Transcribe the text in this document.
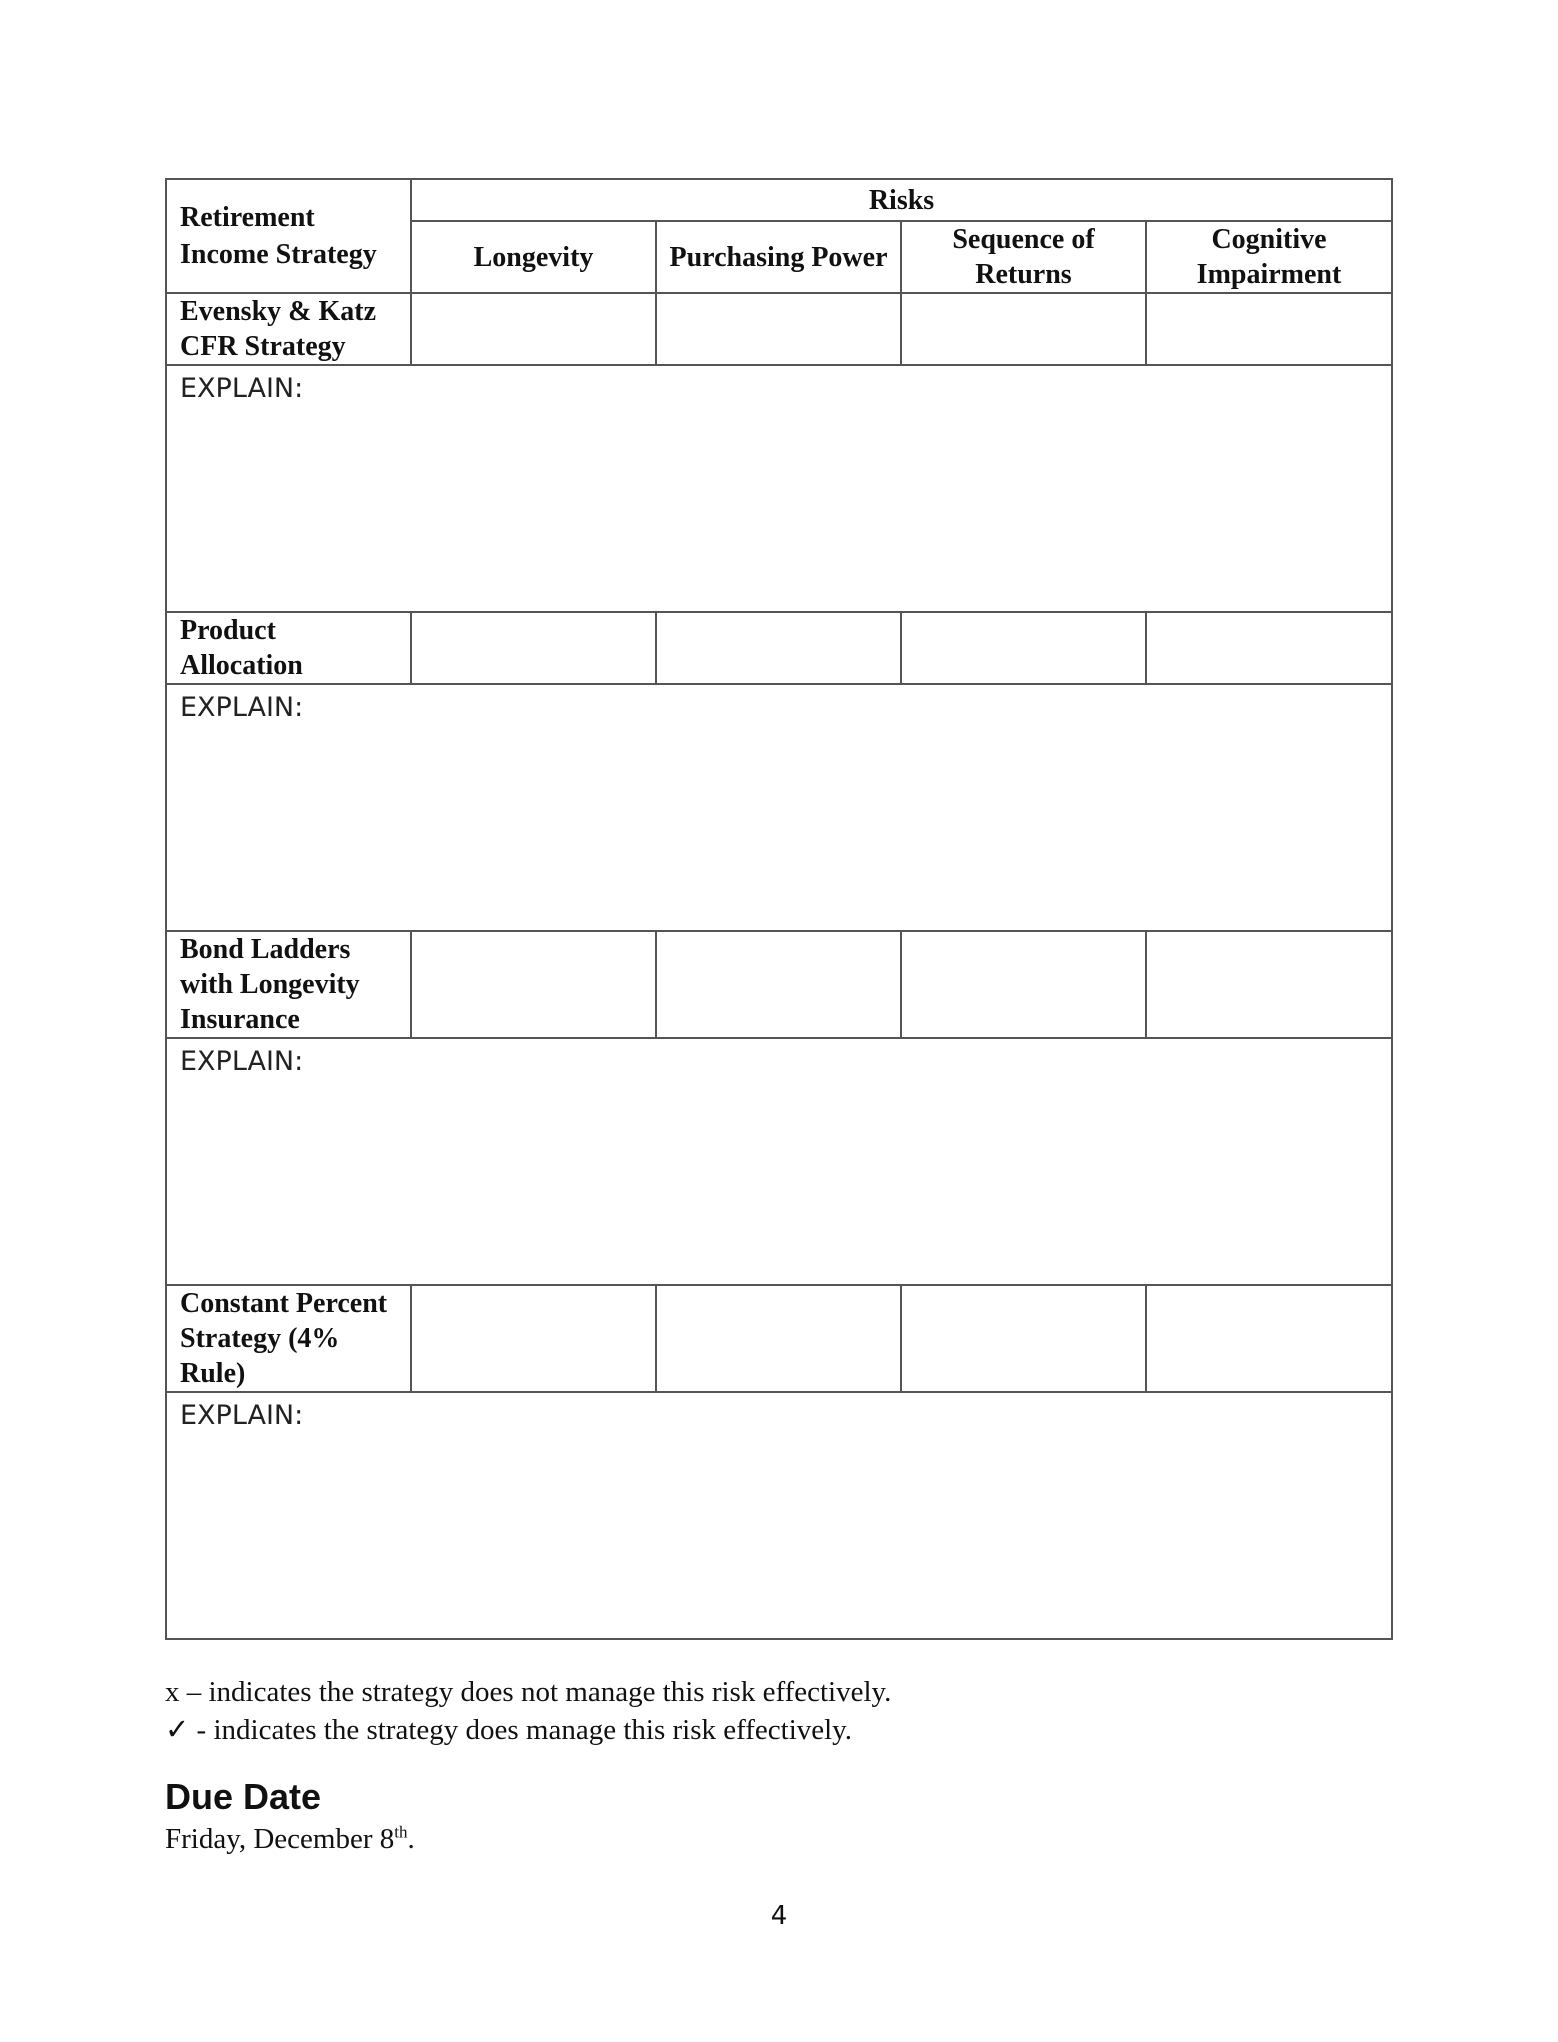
Retirement Income Strategy	Risks			
	Longevity	Purchasing Power	Sequence of Returns	Cognitive Impairment
Evensky & Katz CFR Strategy				
EXPLAIN:				
Product Allocation				
EXPLAIN:				
Bond Ladders with Longevity Insurance				
EXPLAIN:				
Constant Percent Strategy (4% Rule)				
EXPLAIN:				
x – indicates the strategy does not manage this risk effectively.
✓ - indicates the strategy does manage this risk effectively.
Due Date
Friday, December 8th.
4
